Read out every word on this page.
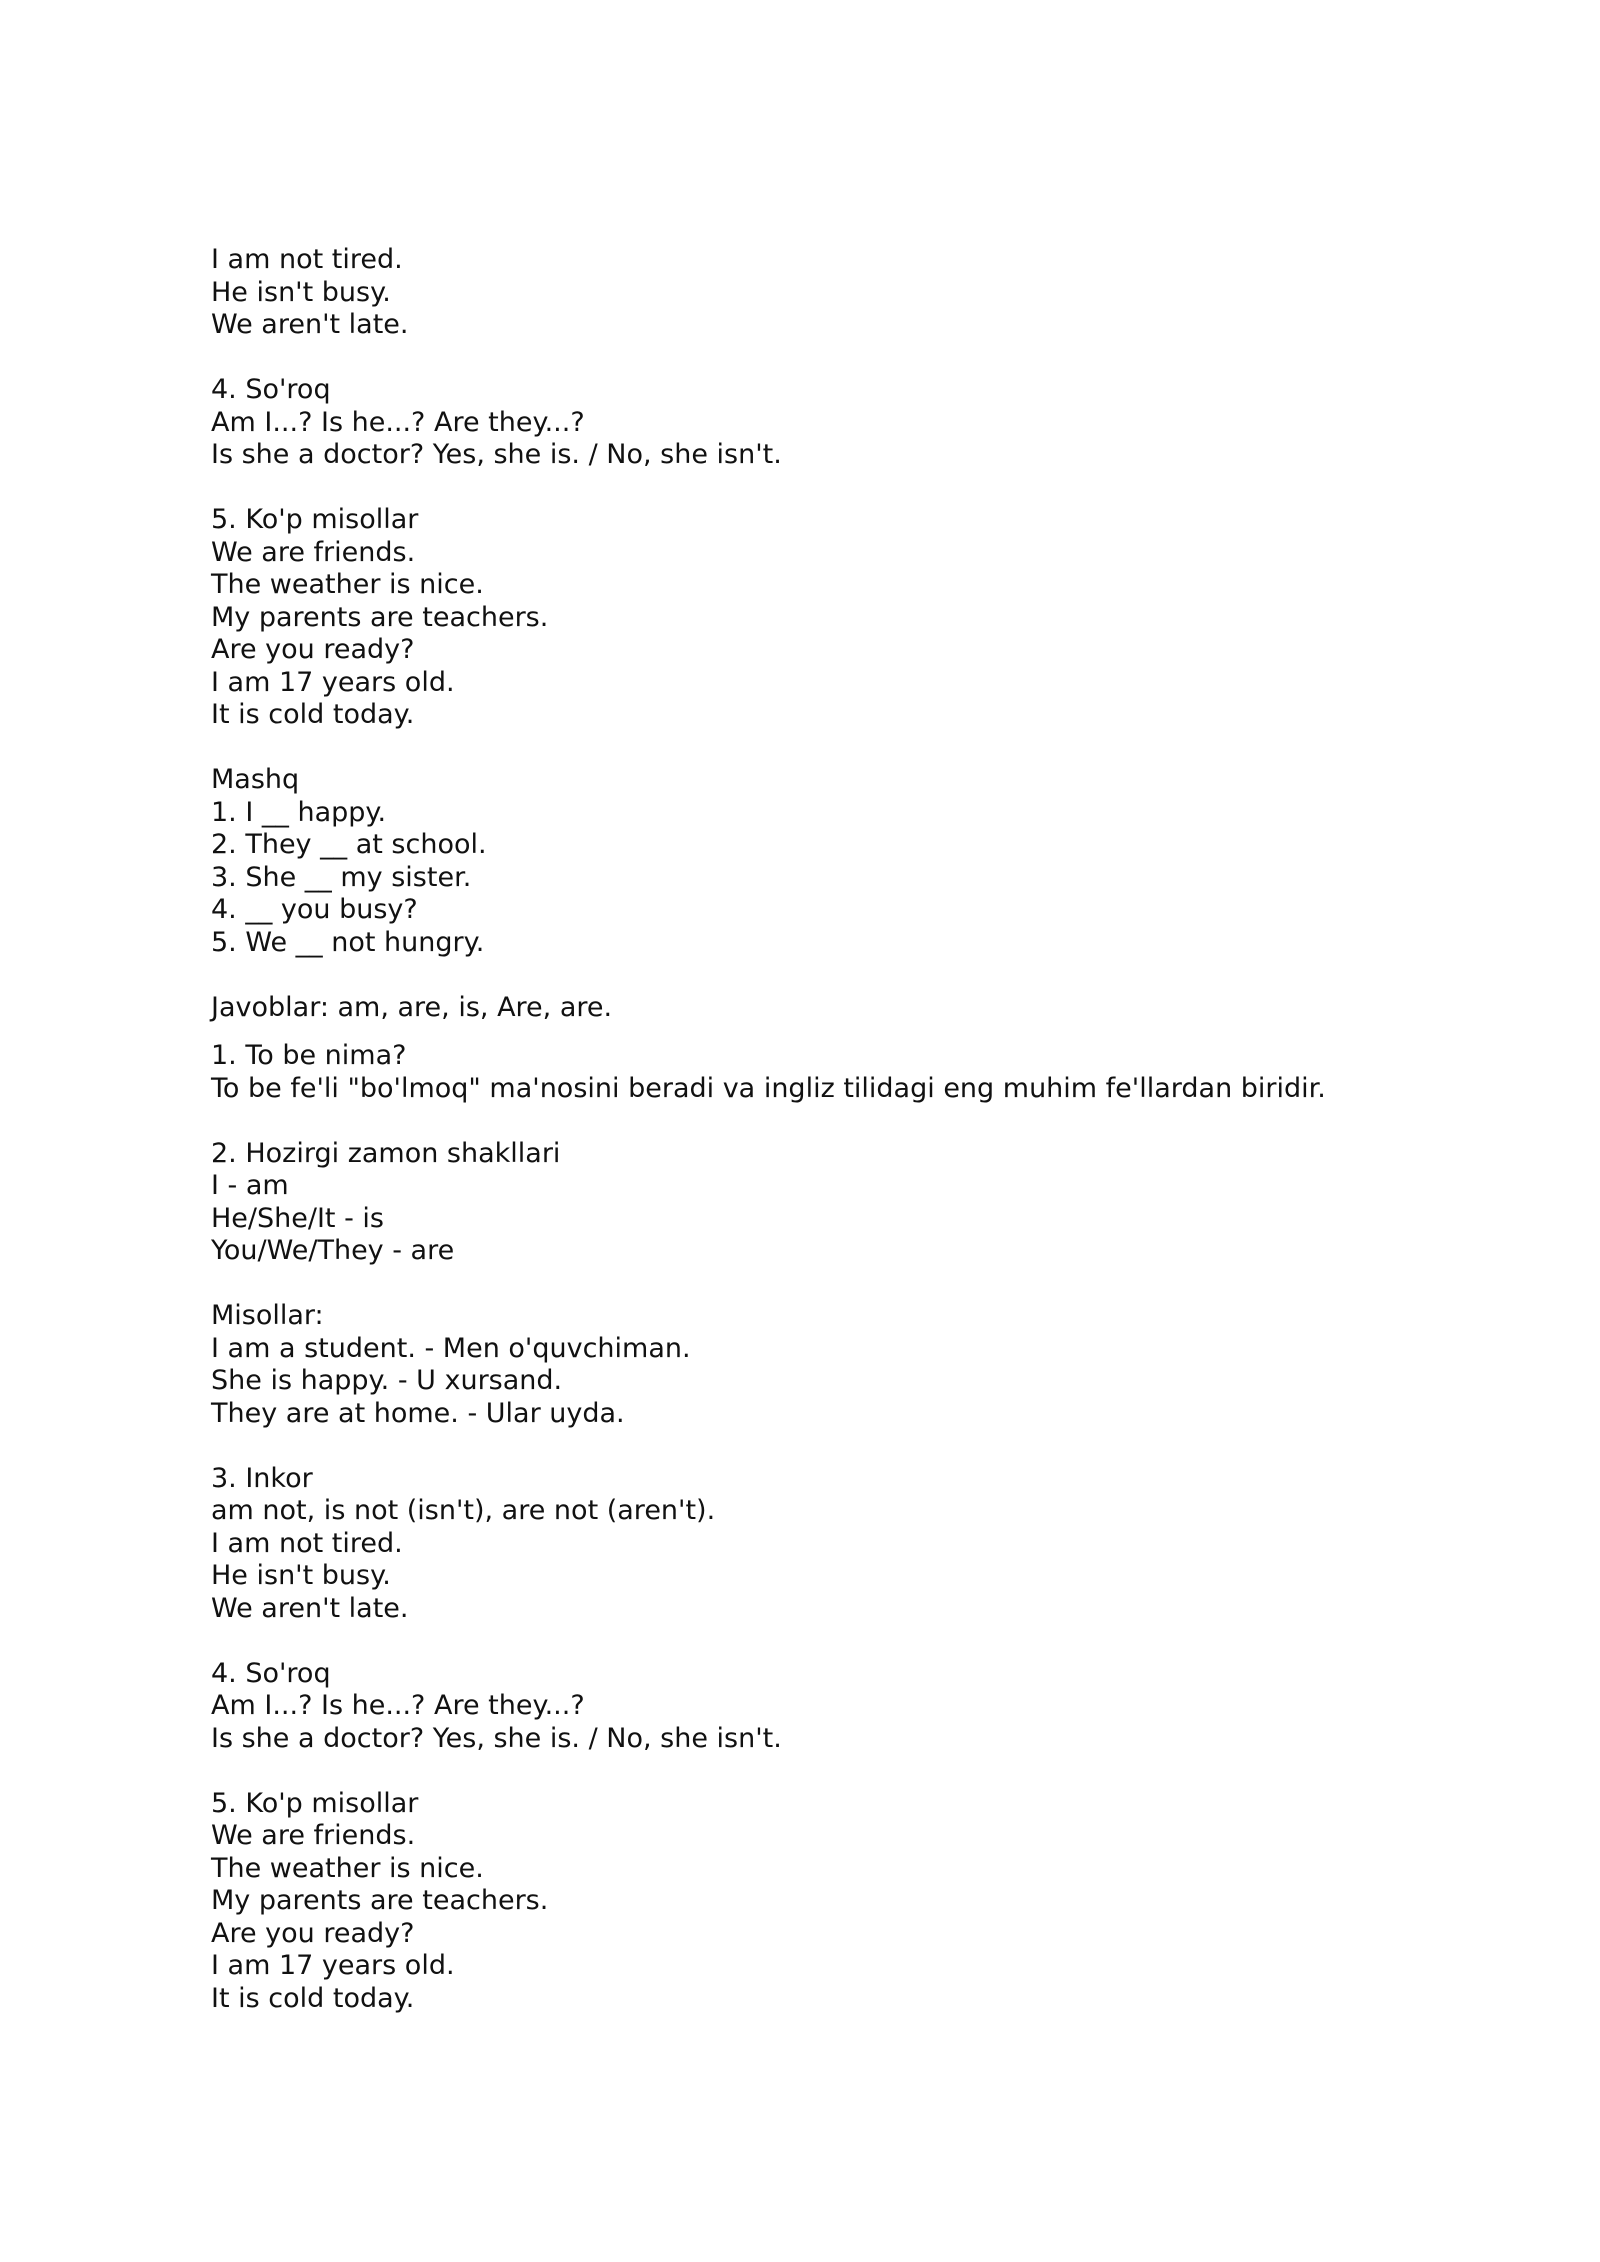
I am not tired.
He isn't busy.
We aren't late.
4. So'roq
Am I...? Is he...? Are they...?
Is she a doctor? Yes, she is. / No, she isn't.
5. Ko'p misollar
We are friends.
The weather is nice.
My parents are teachers.
Are you ready?
I am 17 years old.
It is cold today.
Mashq
1. I __ happy.
2. They __ at school.
3. She __ my sister.
4. __ you busy?
5. We __ not hungry.
Javoblar: am, are, is, Are, are.
1. To be nima?
To be fe'li "bo'lmoq" ma'nosini beradi va ingliz tilidagi eng muhim fe'llardan biridir.
2. Hozirgi zamon shakllari
I - am
He/She/It - is
You/We/They - are
Misollar:
I am a student. - Men o'quvchiman.
She is happy. - U xursand.
They are at home. - Ular uyda.
3. Inkor
am not, is not (isn't), are not (aren't).
I am not tired.
He isn't busy.
We aren't late.
4. So'roq
Am I...? Is he...? Are they...?
Is she a doctor? Yes, she is. / No, she isn't.
5. Ko'p misollar
We are friends.
The weather is nice.
My parents are teachers.
Are you ready?
I am 17 years old.
It is cold today.
